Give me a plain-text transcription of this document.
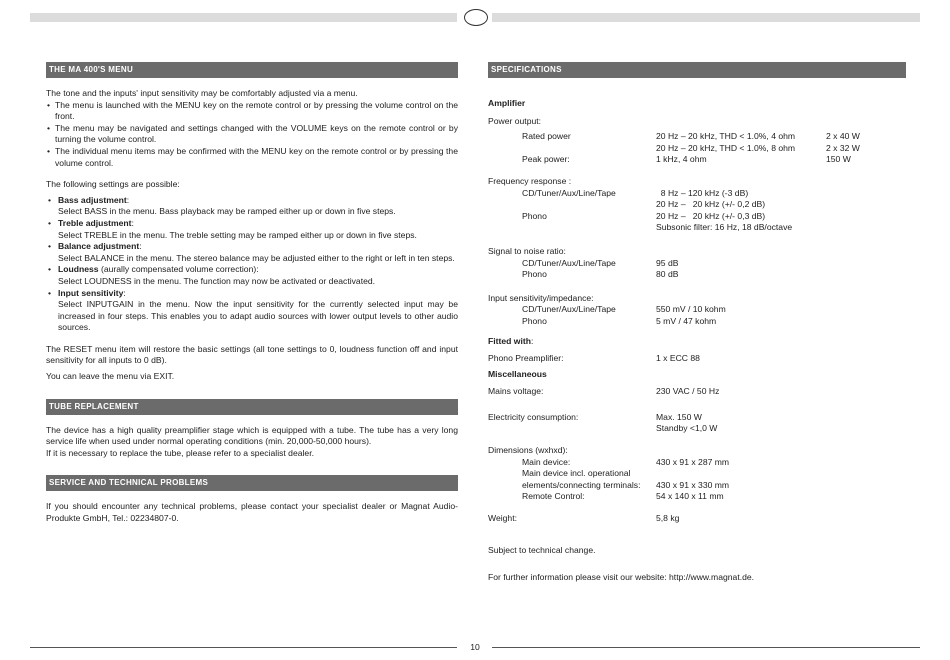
THE MA 400'S MENU

The tone and the inputs' input sensitivity may be comfortably adjusted via a menu.

• The menu is launched with the MENU key on the remote control or by pressing the volume control on the front.
• The menu may be navigated and settings changed with the VOLUME keys on the remote control or by turning the volume control.
• The individual menu items may be confirmed with the MENU key on the remote control or by pressing the volume control.

The following settings are possible:

• Bass adjustment:
Select BASS in the menu. Bass playback may be ramped either up or down in five steps.
• Treble adjustment:
Select TREBLE in the menu. The treble setting may be ramped either up or down in five steps.
• Balance adjustment:
Select BALANCE in the menu. The stereo balance may be adjusted either to the right or left in ten steps.
• Loudness (aurally compensated volume correction):
Select LOUDNESS in the menu. The function may now be activated or deactivated.
• Input sensitivity:
Select INPUTGAIN in the menu. Now the input sensitivity for the currently selected input may be increased in four steps. This enables you to adapt audio sources with lower output levels to other audio sources.

The RESET menu item will restore the basic settings (all tone settings to 0, loudness function off and input sensitivity for all inputs to 0 dB).

You can leave the menu via EXIT.

TUBE REPLACEMENT

The device has a high quality preamplifier stage which is equipped with a tube. The tube has a very long service life when used under normal operating conditions (min. 20,000-50,000 hours).

If it is necessary to replace the tube, please refer to a specialist dealer.

SERVICE AND TECHNICAL PROBLEMS

If you should encounter any technical problems, please contact your specialist dealer or Magnat Audio-Produkte GmbH, Tel.: 02234807-0.

SPECIFICATIONS

Amplifier

Power output:

Rated power	20 Hz – 20 kHz, THD < 1.0%, 4 ohm	2 x 40 W
20 Hz – 20 kHz, THD < 1.0%, 8 ohm	2 x 32 W
Peak power:	1 kHz, 4 ohm	150 W

Frequency response :

CD/Tuner/Aux/Line/Tape	8 Hz – 120 kHz (-3 dB)
20 Hz –   20 kHz (+/- 0,2 dB)
Phono	20 Hz –   20 kHz (+/- 0,3 dB)
Subsonic filter: 16 Hz, 18 dB/octave

Signal to noise ratio:

CD/Tuner/Aux/Line/Tape	95 dB
Phono	80 dB

Input sensitivity/impedance:

CD/Tuner/Aux/Line/Tape	550 mV / 10 kohm
Phono	5 mV / 47 kohm

Fitted with:

Phono Preamplifier:	1 x ECC 88

Miscellaneous

Mains voltage:	230 VAC / 50 Hz
Electricity consumption:	Max. 150 W
Standby <1,0 W

Dimensions (wxhxd):

Main device:	430 x 91 x 287 mm
Main device incl. operational
elements/connecting terminals:	430 x 91 x 330 mm
Remote Control:	54 x 140 x 11 mm
Weight:	5,8 kg

Subject to technical change.

For further information please visit our website: http://www.magnat.de.

10
